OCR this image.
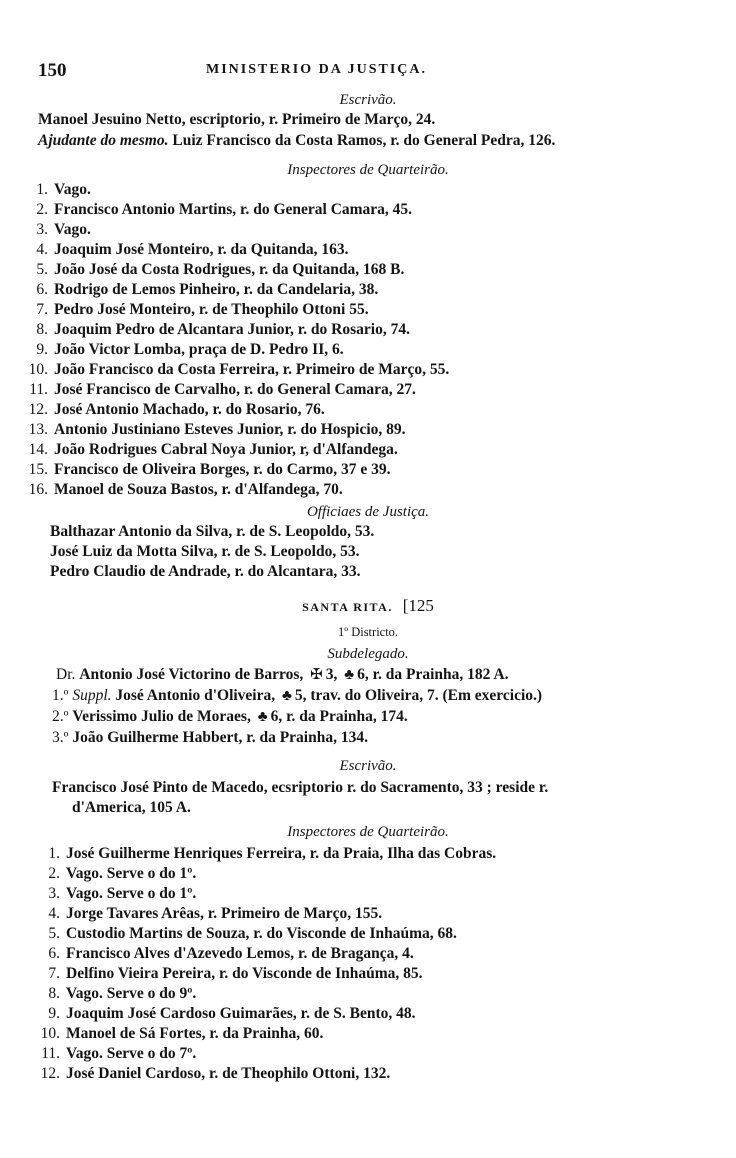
150	MINISTERIO DA JUSTIÇA.
Escrivão.
Manoel Jesuino Netto, escriptorio, r. Primeiro de Março, 24.
Ajudante do mesmo. Luiz Francisco da Costa Ramos, r. do General Pedra, 126.
Inspectores de Quarteirão.
1. Vago.
2. Francisco Antonio Martins, r. do General Camara, 45.
3. Vago.
4. Joaquim José Monteiro, r. da Quitanda, 163.
5. João José da Costa Rodrigues, r. da Quitanda, 168 B.
6. Rodrigo de Lemos Pinheiro, r. da Candelaria, 38.
7. Pedro José Monteiro, r. de Theophilo Ottoni 55.
8. Joaquim Pedro de Alcantara Junior, r. do Rosario, 74.
9. João Victor Lomba, praça de D. Pedro II, 6.
10. João Francisco da Costa Ferreira, r. Primeiro de Março, 55.
11. José Francisco de Carvalho, r. do General Camara, 27.
12. José Antonio Machado, r. do Rosario, 76.
13. Antonio Justiniano Esteves Junior, r. do Hospicio, 89.
14. João Rodrigues Cabral Noya Junior, r, d'Alfandega.
15. Francisco de Oliveira Borges, r. do Carmo, 37 e 39.
16. Manoel de Souza Bastos, r. d'Alfandega, 70.
Officiaes de Justiça.
Balthazar Antonio da Silva, r. de S. Leopoldo, 53.
José Luiz da Motta Silva, r. de S. Leopoldo, 53.
Pedro Claudio de Andrade, r. do Alcantara, 33.
SANTA RITA. [125
1º Districto.
Subdelegado.
Dr. Antonio José Victorino de Barros, ✠ 3, ♣ 6, r. da Prainha, 182 A.
1.º Suppl. José Antonio d'Oliveira, ♣ 5, trav. do Oliveira, 7. (Em exercicio.)
2.º Verissimo Julio de Moraes, ♣ 6, r. da Prainha, 174.
3.º João Guilherme Habbert, r. da Prainha, 134.
Escrivão.
Francisco José Pinto de Macedo, ecsriptorio r. do Sacramento, 33 ; reside r.
d'America, 105 A.
Inspectores de Quarteirão.
1. José Guilherme Henriques Ferreira, r. da Praia, Ilha das Cobras.
2. Vago. Serve o do 1º.
3. Vago. Serve o do 1º.
4. Jorge Tavares Arêas, r. Primeiro de Março, 155.
5. Custodio Martins de Souza, r. do Visconde de Inhaúma, 68.
6. Francisco Alves d'Azevedo Lemos, r. de Bragança, 4.
7. Delfino Vieira Pereira, r. do Visconde de Inhaúma, 85.
8. Vago. Serve o do 9º.
9. Joaquim José Cardoso Guimarães, r. de S. Bento, 48.
10. Manoel de Sá Fortes, r. da Prainha, 60.
11. Vago. Serve o do 7º.
12. José Daniel Cardoso, r. de Theophilo Ottoni, 132.
